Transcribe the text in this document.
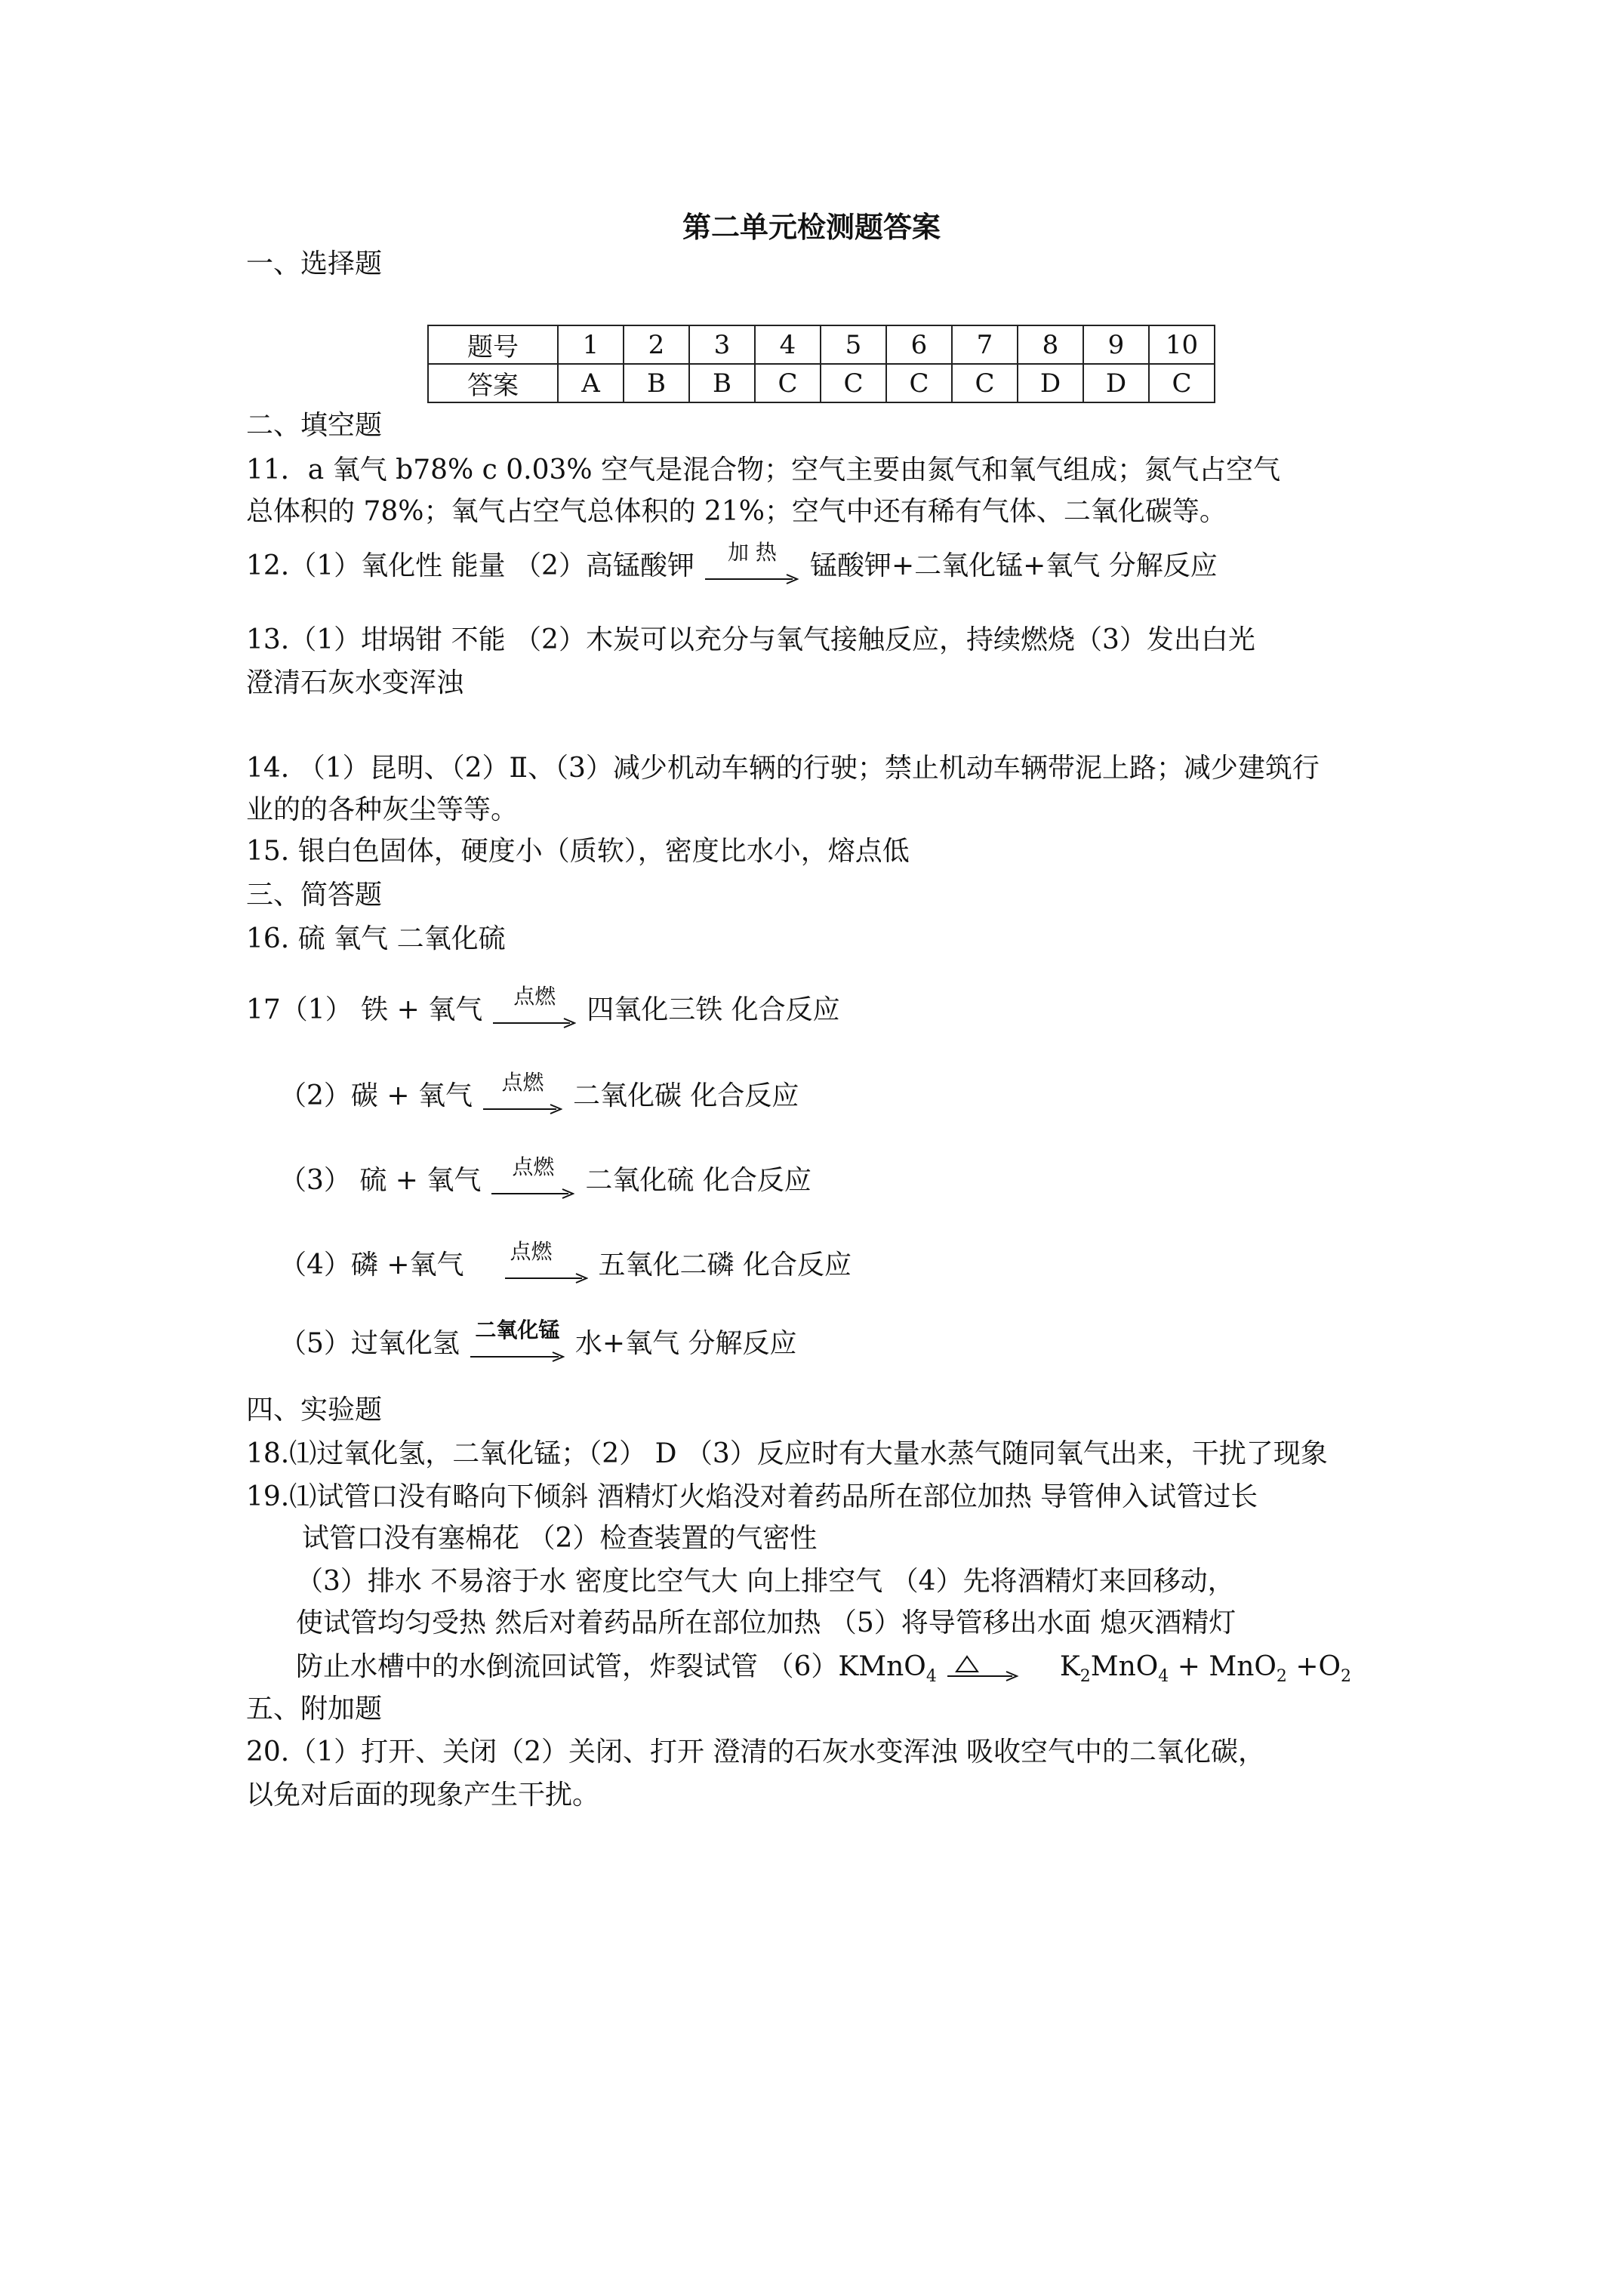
第二单元检测题答案
一、选择题
题号	1	2	3	4	5	6	7	8	9	10
答案	A	B	B	C	C	C	C	D	D	C
二、填空题
11．a 氧气 b78% c 0.03% 空气是混合物；空气主要由氮气和氧气组成；氮气占空气
总体积的 78%；氧气占空气总体积的 21%；空气中还有稀有气体、二氧化碳等。
12.（1）氧化性 能量 （2）高锰酸钾	加 热	锰酸钾+二氧化锰+氧气 分解反应
13.（1）坩埚钳 不能 （2）木炭可以充分与氧气接触反应，持续燃烧（3）发出白光
澄清石灰水变浑浊
14. （1）昆明、（2）Ⅱ、（3）减少机动车辆的行驶；禁止机动车辆带泥上路；减少建筑行
业的的各种灰尘等等。
15. 银白色固体，硬度小（质软），密度比水小，熔点低
三、简答题
16. 硫 氧气 二氧化硫
17（1） 铁 + 氧气	点燃	四氧化三铁 化合反应
（2）碳 + 氧气	点燃	二氧化碳 化合反应
（3） 硫 + 氧气	点燃	二氧化硫 化合反应
（4）磷 +氧气	点燃	五氧化二磷 化合反应
（5）过氧化氢 二氧化锰 水+氧气 分解反应
四、实验题
18.⑴过氧化氢，二氧化锰；（2） D （3）反应时有大量水蒸气随同氧气出来，干扰了现象
19.⑴试管口没有略向下倾斜 酒精灯火焰没对着药品所在部位加热 导管伸入试管过长
试管口没有塞棉花 （2）检查装置的气密性
（3）排水 不易溶于水 密度比空气大 向上排空气 （4）先将酒精灯来回移动，
使试管均匀受热 然后对着药品所在部位加热 （5）将导管移出水面 熄灭酒精灯
防止水槽中的水倒流回试管，炸裂试管 （6）KMnO$_4$	$K_2MnO_4 + MnO_2 +O_2$
五、附加题
20.（1）打开、关闭（2）关闭、打开 澄清的石灰水变浑浊 吸收空气中的二氧化碳，
以免对后面的现象产生干扰。
